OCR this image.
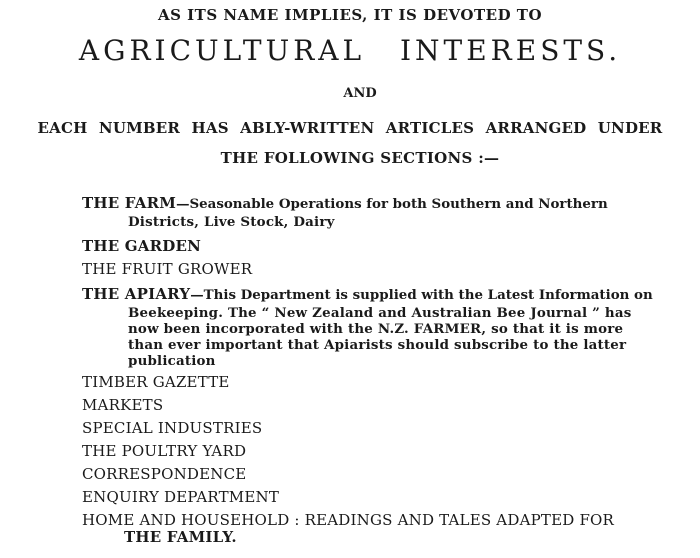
AS ITS NAME IMPLIES, IT IS DEVOTED TO
AGRICULTURAL INTERESTS.
AND
EACH NUMBER HAS ABLY-WRITTEN ARTICLES ARRANGED UNDER
THE FOLLOWING SECTIONS :—
THE FARM—Seasonable Operations for both Southern and Northern
Districts, Live Stock, Dairy
THE GARDEN
THE FRUIT GROWER
THE APIARY—This Department is supplied with the Latest Information on
Beekeeping. The “ New Zealand and Australian Bee Journal ” has
now been incorporated with the N.Z. FARMER, so that it is more
than ever important that Apiarists should subscribe to the latter
publication
TIMBER GAZETTE
MARKETS
SPECIAL INDUSTRIES
THE POULTRY YARD
CORRESPONDENCE
ENQUIRY DEPARTMENT
HOME AND HOUSEHOLD : READINGS AND TALES ADAPTED FOR
THE FAMILY.
